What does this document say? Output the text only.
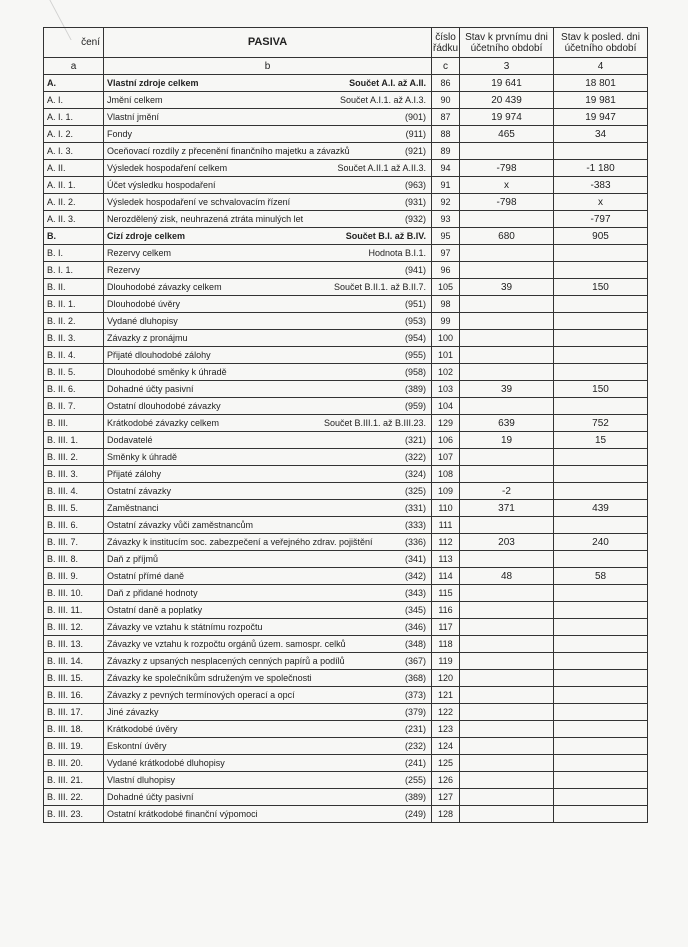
čení	PASIVA	číslo řádku	Stav k prvnímu dni účetního období	Stav k posled. dni účetního období
a	b	c	3	4
A.	Vlastní zdroje celkem Součet A.I. až A.II.	86	19 641	18 801
A. I.	Jmění celkem Součet A.I.1. až A.I.3.	90	20 439	19 981
A. I. 1.	Vlastní jmění (901)	87	19 974	19 947
A. I. 2.	Fondy (911)	88	465	34
A. I. 3.	Oceňovací rozdíly z přecenění finančního majetku a závazků (921)	89		
A. II.	Výsledek hospodaření celkem Součet A.II.1 až A.II.3.	94	-798	-1 180
A. II. 1.	Účet výsledku hospodaření (963)	91	x	-383
A. II. 2.	Výsledek hospodaření ve schvalovacím řízení (931)	92	-798	x
A. II. 3.	Nerozdělený zisk, neuhrazená ztráta minulých let (932)	93		-797
B.	Cizí zdroje celkem Součet B.I. až B.IV.	95	680	905
B. I.	Rezervy celkem Hodnota B.I.1.	97		
B. I. 1.	Rezervy (941)	96		
B. II.	Dlouhodobé závazky celkem Součet B.II.1. až B.II.7.	105	39	150
B. II. 1.	Dlouhodobé úvěry (951)	98		
B. II. 2.	Vydané dluhopisy (953)	99		
B. II. 3.	Závazky z pronájmu (954)	100		
B. II. 4.	Přijaté dlouhodobé zálohy (955)	101		
B. II. 5.	Dlouhodobé směnky k úhradě (958)	102		
B. II. 6.	Dohadné účty pasivní (389)	103	39	150
B. II. 7.	Ostatní dlouhodobé závazky (959)	104		
B. III.	Krátkodobé závazky celkem Součet B.III.1. až B.III.23.	129	639	752
B. III. 1.	Dodavatelé (321)	106	19	15
B. III. 2.	Směnky k úhradě (322)	107		
B. III. 3.	Přijaté zálohy (324)	108		
B. III. 4.	Ostatní závazky (325)	109	-2	
B. III. 5.	Zaměstnanci (331)	110	371	439
B. III. 6.	Ostatní závazky vůči zaměstnancům (333)	111		
B. III. 7.	Závazky k institucím soc. zabezpečení a veřejného zdrav. pojištění (336)	112	203	240
B. III. 8.	Daň z příjmů (341)	113		
B. III. 9.	Ostatní přímé daně (342)	114	48	58
B. III. 10.	Daň z přidané hodnoty (343)	115		
B. III. 11.	Ostatní daně a poplatky (345)	116		
B. III. 12.	Závazky ve vztahu k státnímu rozpočtu (346)	117		
B. III. 13.	Závazky ve vztahu k rozpočtu orgánů územ. samospr. celků (348)	118		
B. III. 14.	Závazky z upsaných nesplacených cenných papírů a podílů (367)	119		
B. III. 15.	Závazky ke společníkům sdruženým ve společnosti (368)	120		
B. III. 16.	Závazky z pevných termínových operací a opcí (373)	121		
B. III. 17.	Jiné závazky (379)	122		
B. III. 18.	Krátkodobé úvěry (231)	123		
B. III. 19.	Eskontní úvěry (232)	124		
B. III. 20.	Vydané krátkodobé dluhopisy (241)	125		
B. III. 21.	Vlastní dluhopisy (255)	126		
B. III. 22.	Dohadné účty pasivní (389)	127		
B. III. 23.	Ostatní krátkodobé finanční výpomoci (249)	128		
